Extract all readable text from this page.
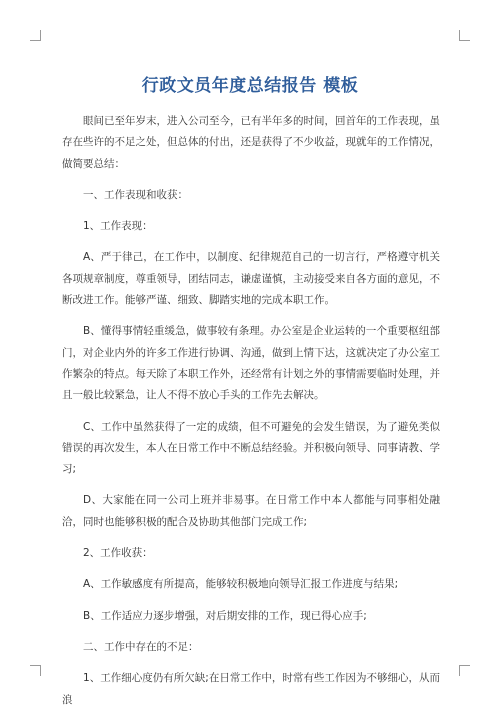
行政文员年度总结报告 模板

眼间已至年岁末，进入公司至今，已有半年多的时间，回首年的工作表现，虽存在些许的不足之处，但总体的付出，还是获得了不少收益，现就年的工作情况，做简要总结：

一、工作表现和收获：

1、工作表现：

A、严于律己，在工作中，以制度、纪律规范自己的一切言行，严格遵守机关各项规章制度，尊重领导，团结同志，谦虚谨慎，主动接受来自各方面的意见，不断改进工作。能够严谨、细致、脚踏实地的完成本职工作。

B、懂得事情轻重缓急，做事较有条理。办公室是企业运转的一个重要枢纽部门，对企业内外的许多工作进行协调、沟通，做到上情下达，这就决定了办公室工作繁杂的特点。每天除了本职工作外，还经常有计划之外的事情需要临时处理，并且一般比较紧急，让人不得不放心手头的工作先去解决。

C、工作中虽然获得了一定的成绩，但不可避免的会发生错误，为了避免类似错误的再次发生，本人在日常工作中不断总结经验。并积极向领导、同事请教、学习;

D、大家能在同一公司上班并非易事。在日常工作中本人都能与同事相处融洽，同时也能够积极的配合及协助其他部门完成工作;

2、工作收获：

A、工作敏感度有所提高，能够较积极地向领导汇报工作进度与结果;

B、工作适应力逐步增强，对后期安排的工作，现已得心应手;

二、工作中存在的不足：

1、工作细心度仍有所欠缺;在日常工作中，时常有些工作因为不够细心，从而浪
